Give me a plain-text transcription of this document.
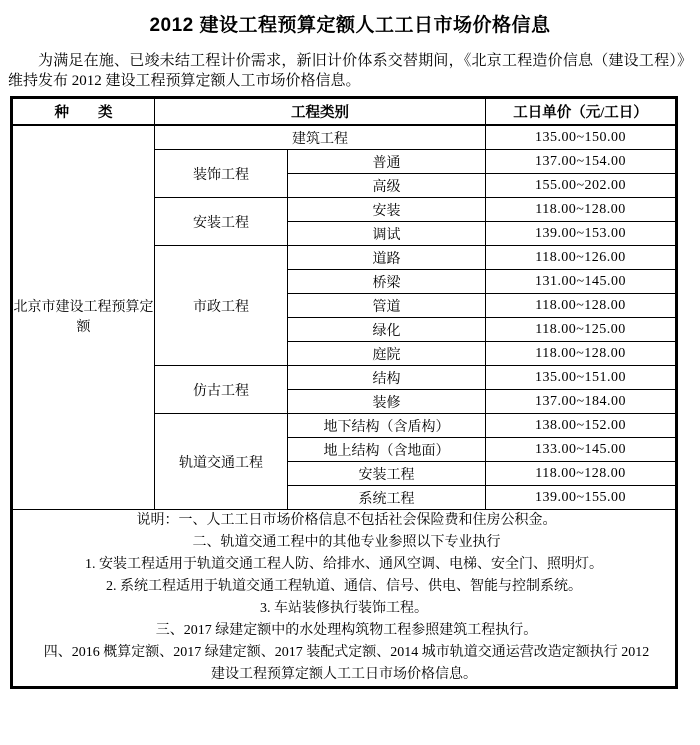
2012 建设工程预算定额人工工日市场价格信息

为满足在施、已竣未结工程计价需求，新旧计价体系交替期间，《北京工程造价信息（建设工程）》维持发布 2012 建设工程预算定额人工市场价格信息。

种　　类	工程类别		工日单价（元/工日）
北京市建设工程预算定额	建筑工程		135.00~150.00
	装饰工程	普通	137.00~154.00
		高级	155.00~202.00
	安装工程	安装	118.00~128.00
		调试	139.00~153.00
	市政工程	道路	118.00~126.00
		桥梁	131.00~145.00
		管道	118.00~128.00
		绿化	118.00~125.00
		庭院	118.00~128.00
	仿古工程	结构	135.00~151.00
		装修	137.00~184.00
	轨道交通工程	地下结构（含盾构）	138.00~152.00
		地上结构（含地面）	133.00~145.00
		安装工程	118.00~128.00
		系统工程	139.00~155.00

说明：一、人工工日市场价格信息不包括社会保险费和住房公积金。
二、轨道交通工程中的其他专业参照以下专业执行
1. 安装工程适用于轨道交通工程人防、给排水、通风空调、电梯、安全门、照明灯。
2. 系统工程适用于轨道交通工程轨道、通信、信号、供电、智能与控制系统。
3. 车站装修执行装饰工程。
三、2017 绿建定额中的水处理构筑物工程参照建筑工程执行。
四、2016 概算定额、2017 绿建定额、2017 装配式定额、2014 城市轨道交通运营改造定额执行 2012
建设工程预算定额人工工日市场价格信息。
